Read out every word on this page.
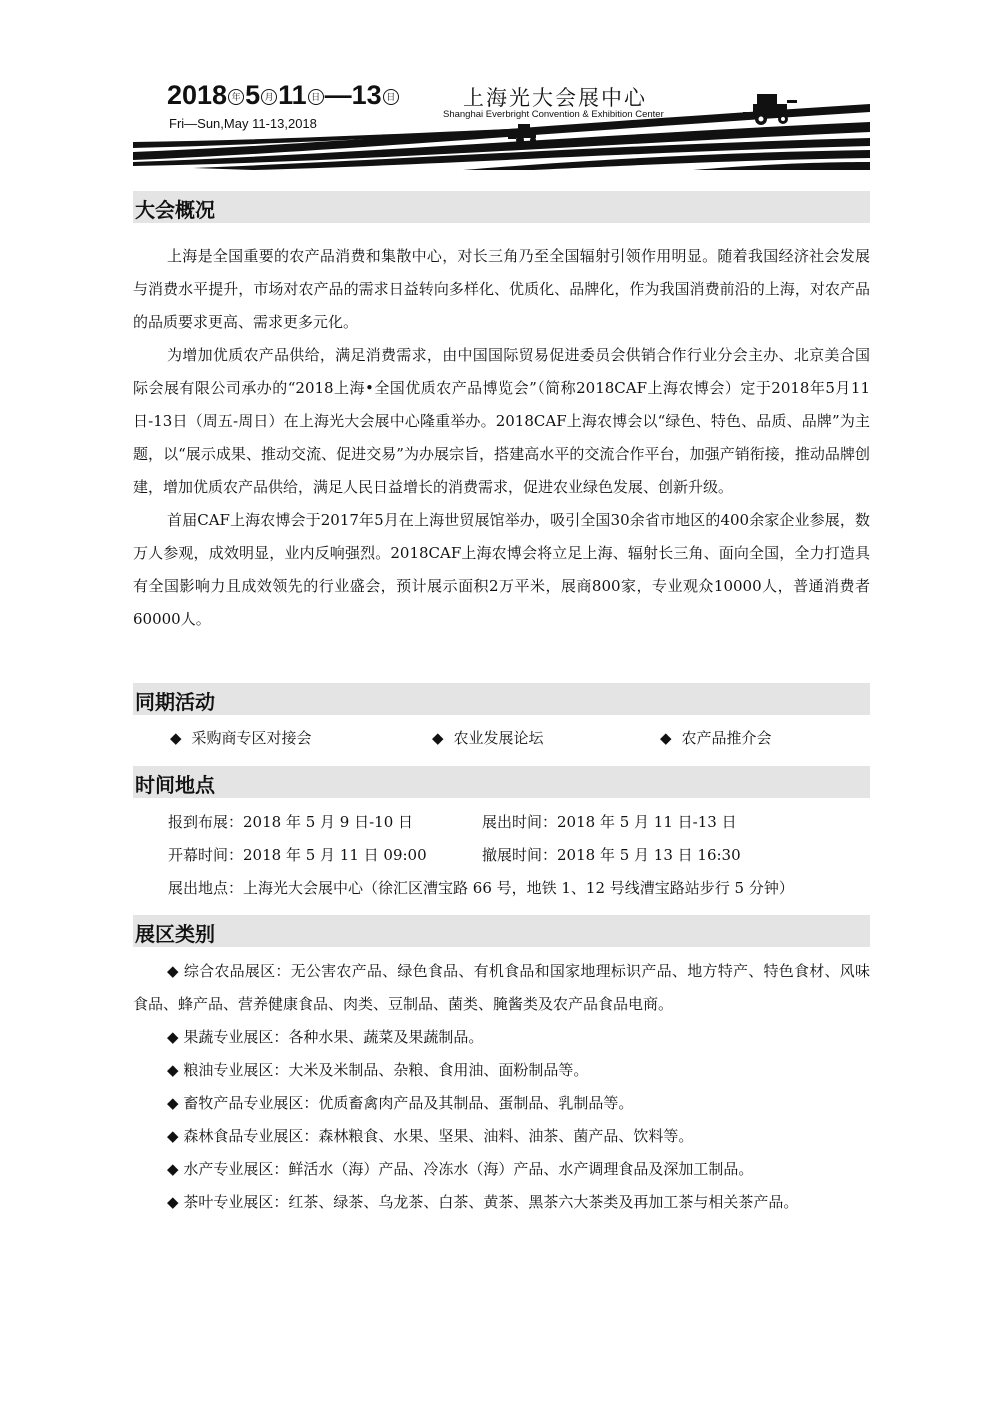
2018 年 5 月 11 日 —13 日
Fri—Sun,May 11-13,2018
上海光大会展中心
Shanghai Everbright Convention & Exhibition Center
大会概况

上海是全国重要的农产品消费和集散中心，对长三角乃至全国辐射引领作用明显。随着我国经济社会发展与消费水平提升，市场对农产品的需求日益转向多样化、优质化、品牌化，作为我国消费前沿的上海，对农产品的品质要求更高、需求更多元化。

为增加优质农产品供给，满足消费需求，由中国国际贸易促进委员会供销合作行业分会主办、北京美合国际会展有限公司承办的“2018上海•全国优质农产品博览会”（简称2018CAF上海农博会）定于2018年5月11日-13日（周五-周日）在上海光大会展中心隆重举办。2018CAF上海农博会以“绿色、特色、品质、品牌”为主题，以“展示成果、推动交流、促进交易”为办展宗旨，搭建高水平的交流合作平台，加强产销衔接，推动品牌创建，增加优质农产品供给，满足人民日益增长的消费需求，促进农业绿色发展、创新升级。

首届CAF上海农博会于2017年5月在上海世贸展馆举办，吸引全国30余省市地区的400余家企业参展，数万人参观，成效明显，业内反响强烈。2018CAF上海农博会将立足上海、辐射长三角、面向全国，全力打造具有全国影响力且成效领先的行业盛会，预计展示面积2万平米，展商800家，专业观众10000人，普通消费者60000人。

同期活动
◆ 采购商专区对接会	◆ 农业发展论坛	◆ 农产品推介会
时间地点
报到布展：2018 年 5 月 9 日-10 日	展出时间：2018 年 5 月 11 日-13 日
开幕时间：2018 年 5 月 11 日 09:00	撤展时间：2018 年 5 月 13 日 16:30
展出地点：上海光大会展中心（徐汇区漕宝路 66 号，地铁 1、12 号线漕宝路站步行 5 分钟）
展区类别

◆ 综合农品展区：无公害农产品、绿色食品、有机食品和国家地理标识产品、地方特产、特色食材、风味食品、蜂产品、营养健康食品、肉类、豆制品、菌类、腌酱类及农产品食品电商。

◆ 果蔬专业展区：各种水果、蔬菜及果蔬制品。

◆ 粮油专业展区：大米及米制品、杂粮、食用油、面粉制品等。

◆ 畜牧产品专业展区：优质畜禽肉产品及其制品、蛋制品、乳制品等。

◆ 森林食品专业展区：森林粮食、水果、坚果、油料、油茶、菌产品、饮料等。

◆ 水产专业展区：鲜活水（海）产品、冷冻水（海）产品、水产调理食品及深加工制品。

◆ 茶叶专业展区：红茶、绿茶、乌龙茶、白茶、黄茶、黑茶六大茶类及再加工茶与相关茶产品。
